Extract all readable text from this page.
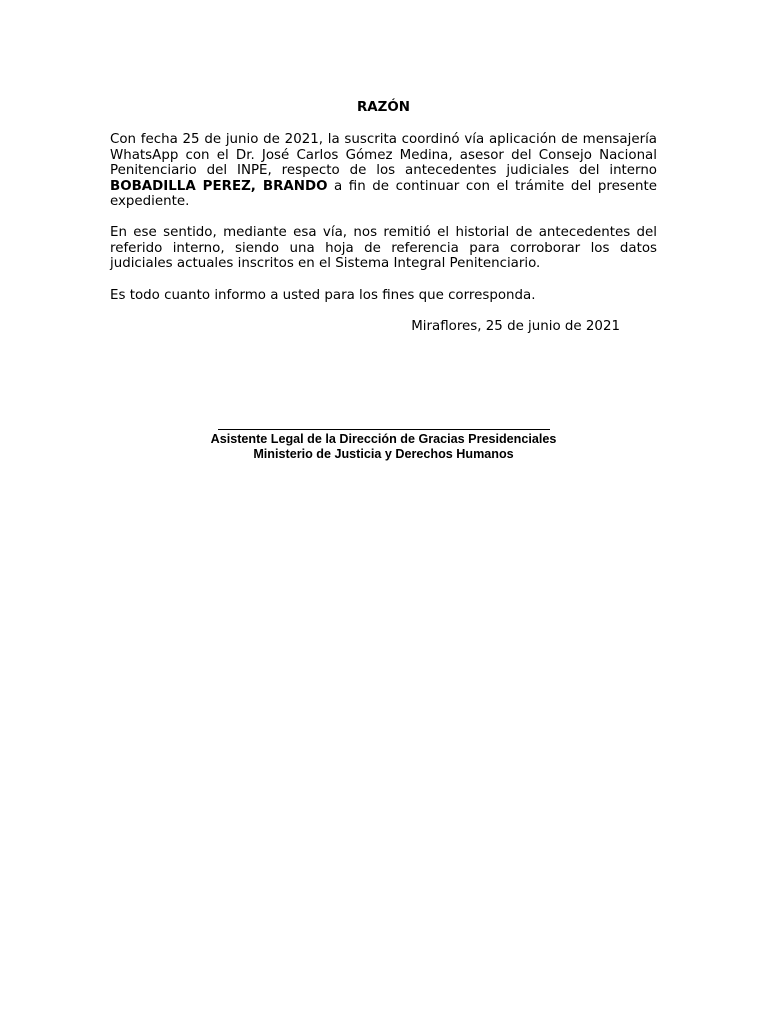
RAZÓN

Con fecha 25 de junio de 2021, la suscrita coordinó vía aplicación de mensajería WhatsApp con el Dr. José Carlos Gómez Medina, asesor del Consejo Nacional Penitenciario del INPE, respecto de los antecedentes judiciales del interno BOBADILLA PEREZ, BRANDO a fin de continuar con el trámite del presente expediente.

En ese sentido, mediante esa vía, nos remitió el historial de antecedentes del referido interno, siendo una hoja de referencia para corroborar los datos judiciales actuales inscritos en el Sistema Integral Penitenciario.

Es todo cuanto informo a usted para los fines que corresponda.

Miraflores, 25 de junio de 2021
Asistente Legal de la Dirección de Gracias Presidenciales
Ministerio de Justicia y Derechos Humanos
